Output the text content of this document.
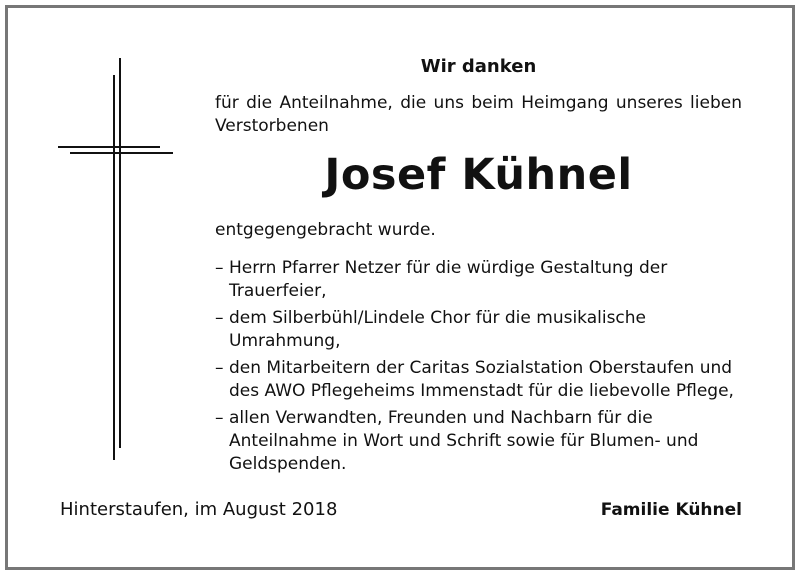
Wir danken
für die Anteilnahme, die uns beim Heimgang unseres lieben Verstorbenen
Josef Kühnel
entgegengebracht wurde.
– Herrn Pfarrer Netzer für die würdige Gestaltung der Trauerfeier,
– dem Silberbühl/Lindele Chor für die musikalische Umrahmung,
– den Mitarbeitern der Caritas Sozialstation Oberstaufen und des AWO Pflegeheims Immenstadt für die liebevolle Pflege,
– allen Verwandten, Freunden und Nachbarn für die Anteilnahme in Wort und Schrift sowie für Blumen- und Geldspenden.
Hinterstaufen, im August 2018	Familie Kühnel
